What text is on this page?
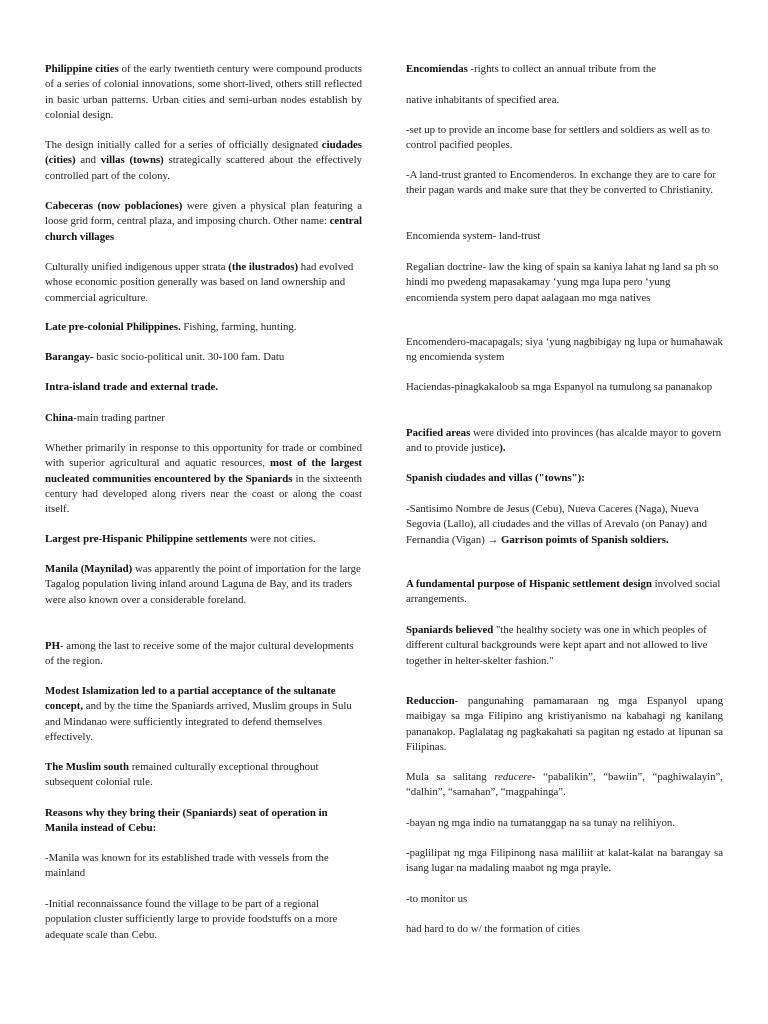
Philippine cities of the early twentieth century were compound products of a series of colonial innovations, some short-lived, others still reflected in basic urban patterns. Urban cities and semi-urban nodes establish by colonial design.

The design initially called for a series of officially designated ciudades (cities) and villas (towns) strategically scattered about the effectively controlled part of the colony.

Cabeceras (now poblaciones) were given a physical plan featuring a loose grid form, central plaza, and imposing church. Other name: central church villages

Culturally unified indigenous upper strata (the ilustrados) had evolved whose economic position generally was based on land ownership and commercial agriculture.

Late pre-colonial Philippines. Fishing, farming, hunting.

Barangay- basic socio-political unit. 30-100 fam. Datu

Intra-island trade and external trade.

China-main trading partner

Whether primarily in response to this opportunity for trade or combined with superior agricultural and aquatic resources, most of the largest nucleated communities encountered by the Spaniards in the sixteenth century had developed along rivers near the coast or along the coast itself.

Largest pre-Hispanic Philippine settlements were not cities.

Manila (Maynilad) was apparently the point of importation for the large Tagalog population living inland around Laguna de Bay, and its traders were also known over a considerable foreland.

PH- among the last to receive some of the major cultural developments of the region.

Modest Islamization led to a partial acceptance of the sultanate concept, and by the time the Spaniards arrived, Muslim groups in Sulu and Mindanao were sufficiently integrated to defend themselves effectively.

The Muslim south remained culturally exceptional throughout subsequent colonial rule.

Reasons why they bring their (Spaniards) seat of operation in Manila instead of Cebu:

-Manila was known for its established trade with vessels from the mainland

-Initial reconnaissance found the village to be part of a regional population cluster sufficiently large to provide foodstuffs on a more adequate scale than Cebu.

Encomiendas -rights to collect an annual tribute from the

native inhabitants of specified area.

-set up to provide an income base for settlers and soldiers as well as to control pacified peoples.

-A land-trust granted to Encomenderos. In exchange they are to care for their pagan wards and make sure that they be converted to Christianity.

Encomienda system- land-trust

Regalian doctrine- law the king of spain sa kaniya lahat ng land sa ph so hindi mo pwedeng mapasakamay ‘yung mga lupa pero ‘yung encomienda system pero dapat aalagaan mo mga natives

Encomendero-macapagals; siya ‘yung nagbibigay ng lupa or humahawak ng encomienda system

Haciendas-pinagkakaloob sa mga Espanyol na tumulong sa pananakop

Pacified areas were divided into provinces (has alcalde mayor to govern and to provide justice).

Spanish ciudades and villas ("towns"):

-Santisimo Nombre de Jesus (Cebu), Nueva Caceres (Naga), Nueva Segovia (Lallo), all ciudades and the villas of Arevalo (on Panay) and Fernandia (Vigan) → Garrison poimts of Spanish soldiers.

A fundamental purpose of Hispanic settlement design involved social arrangements.

Spaniards believed "the healthy society was one in which peoples of different cultural backgrounds were kept apart and not allowed to live together in helter-skelter fashion."

Reduccion- pangunahing pamamaraan ng mga Espanyol upang maibigay sa mga Filipino ang kristiyanismo na kabahagi ng kanilang pananakop. Paglalatag ng pagkakahati sa pagitan ng estado at lipunan sa Filipinas.

Mula sa salitang reducere- “pabalikin”, “bawiin”, “paghiwalayin”, “dalhin”, “samahan”, “magpahinga”.

-bayan ng mga indio na tumatanggap na sa tunay na relihiyon.

-paglilipat ng mga Filipinong nasa maliliit at kalat-kalat na barangay sa isang lugar na madaling maabot ng mga prayle.

-to monitor us

had hard to do w/ the formation of cities
